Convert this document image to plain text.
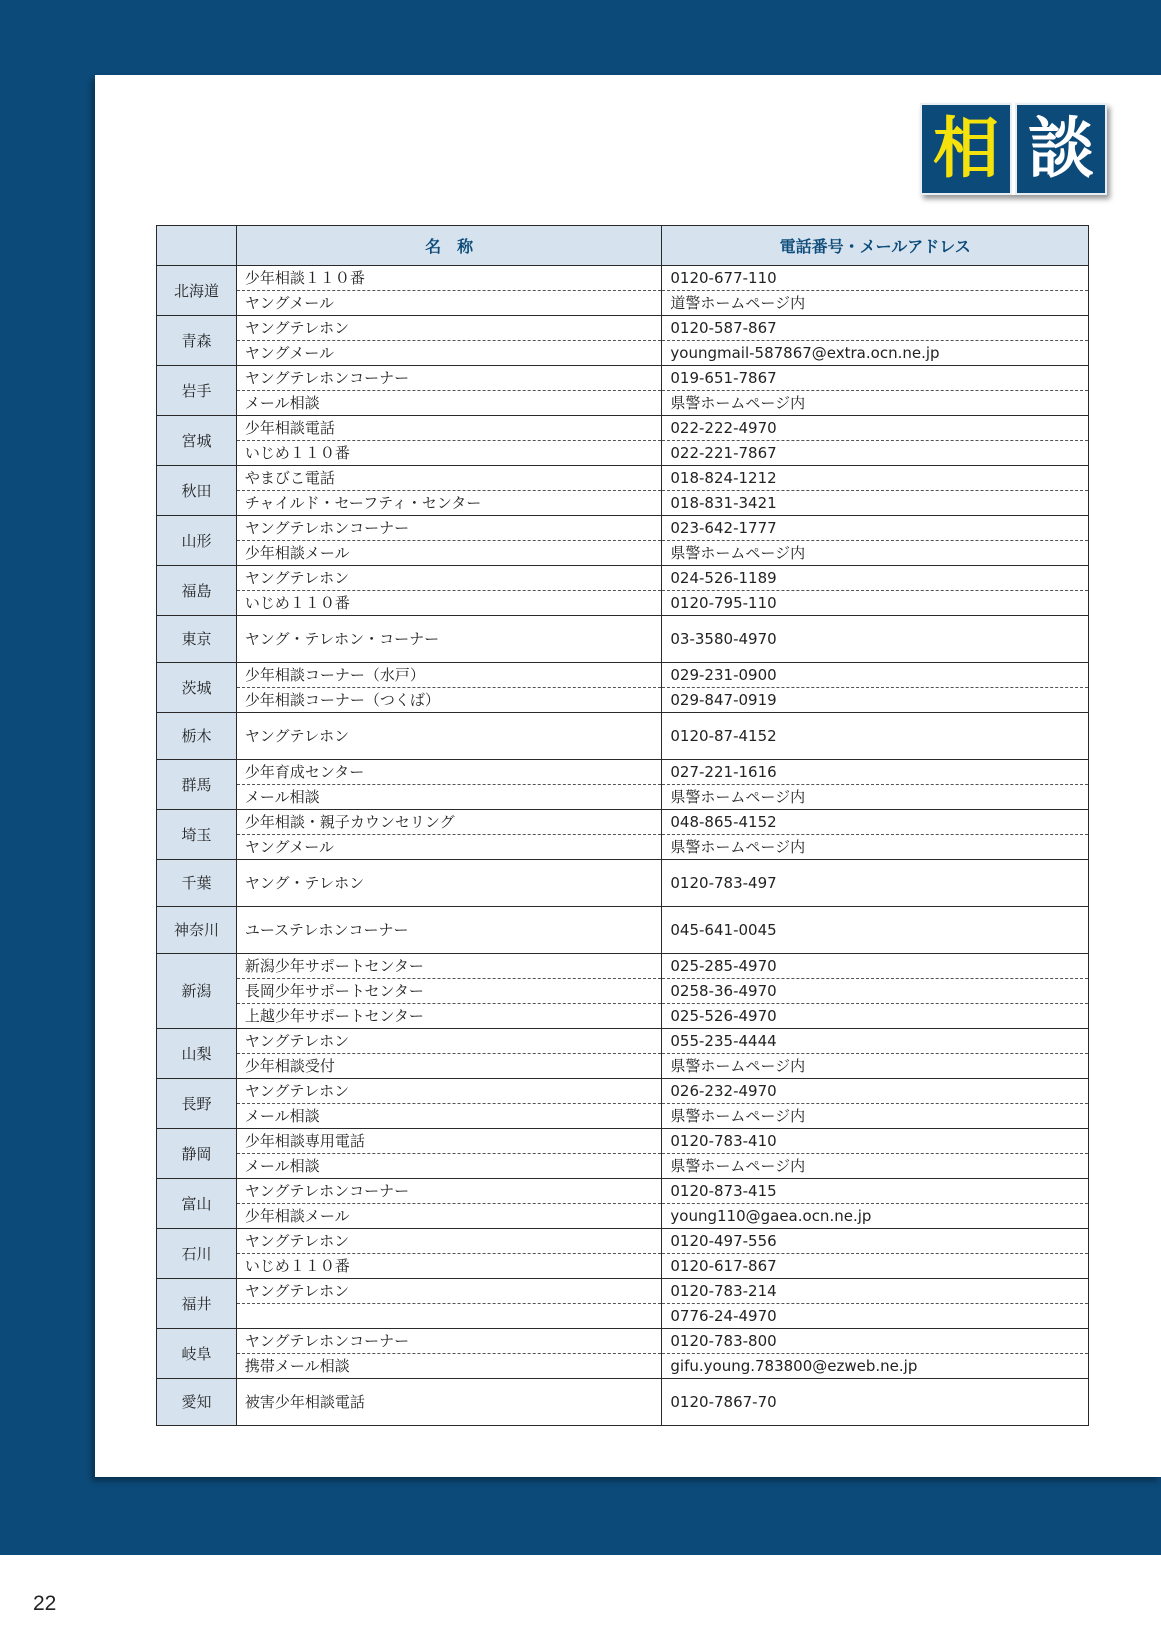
相 談
	名　称	電話番号・メールアドレス
北海道	少年相談１１０番	0120-677-110
	ヤングメール	道警ホームページ内
青森	ヤングテレホン	0120-587-867
	ヤングメール	youngmail-587867@extra.ocn.ne.jp
岩手	ヤングテレホンコーナー	019-651-7867
	メール相談	県警ホームページ内
宮城	少年相談電話	022-222-4970
	いじめ１１０番	022-221-7867
秋田	やまびこ電話	018-824-1212
	チャイルド・セーフティ・センター	018-831-3421
山形	ヤングテレホンコーナー	023-642-1777
	少年相談メール	県警ホームページ内
福島	ヤングテレホン	024-526-1189
	いじめ１１０番	0120-795-110
東京	ヤング・テレホン・コーナー	03-3580-4970
茨城	少年相談コーナー（水戸）	029-231-0900
	少年相談コーナー（つくば）	029-847-0919
栃木	ヤングテレホン	0120-87-4152
群馬	少年育成センター	027-221-1616
	メール相談	県警ホームページ内
埼玉	少年相談・親子カウンセリング	048-865-4152
	ヤングメール	県警ホームページ内
千葉	ヤング・テレホン	0120-783-497
神奈川	ユーステレホンコーナー	045-641-0045
新潟	新潟少年サポートセンター	025-285-4970
	長岡少年サポートセンター	0258-36-4970
	上越少年サポートセンター	025-526-4970
山梨	ヤングテレホン	055-235-4444
	少年相談受付	県警ホームページ内
長野	ヤングテレホン	026-232-4970
	メール相談	県警ホームページ内
静岡	少年相談専用電話	0120-783-410
	メール相談	県警ホームページ内
富山	ヤングテレホンコーナー	0120-873-415
	少年相談メール	young110@gaea.ocn.ne.jp
石川	ヤングテレホン	0120-497-556
	いじめ１１０番	0120-617-867
福井	ヤングテレホン	0120-783-214
		0776-24-4970
岐阜	ヤングテレホンコーナー	0120-783-800
	携帯メール相談	gifu.young.783800@ezweb.ne.jp
愛知	被害少年相談電話	0120-7867-70
22
